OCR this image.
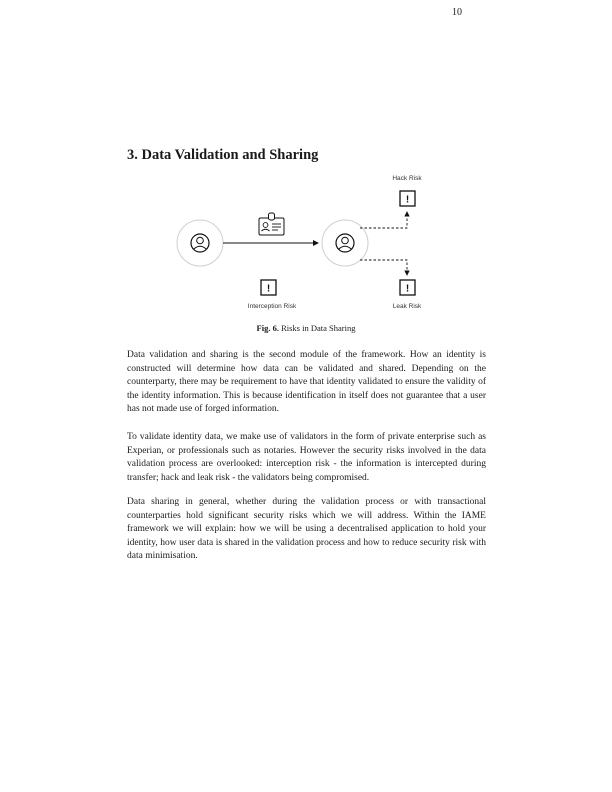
10
3. Data Validation and Sharing
!
!	!
Hack Risk
Interception Risk	Leak Risk
Fig. 6. Risks in Data Sharing

Data validation and sharing is the second module of the framework. How an identity is constructed will determine how data can be validated and shared. Depending on the counterparty, there may be requirement to have that identity validated to ensure the validity of the identity information. This is because identification in itself does not guarantee that a user has not made use of forged information.

To validate identity data, we make use of validators in the form of private enterprise such as Experian, or professionals such as notaries. However the security risks involved in the data validation process are overlooked: interception risk - the information is intercepted during transfer; hack and leak risk - the validators being compromised.

Data sharing in general, whether during the validation process or with transactional counterparties hold significant security risks which we will address. Within the IAME framework we will explain: how we will be using a decentralised application to hold your identity, how user data is shared in the validation process and how to reduce security risk with data minimisation.
